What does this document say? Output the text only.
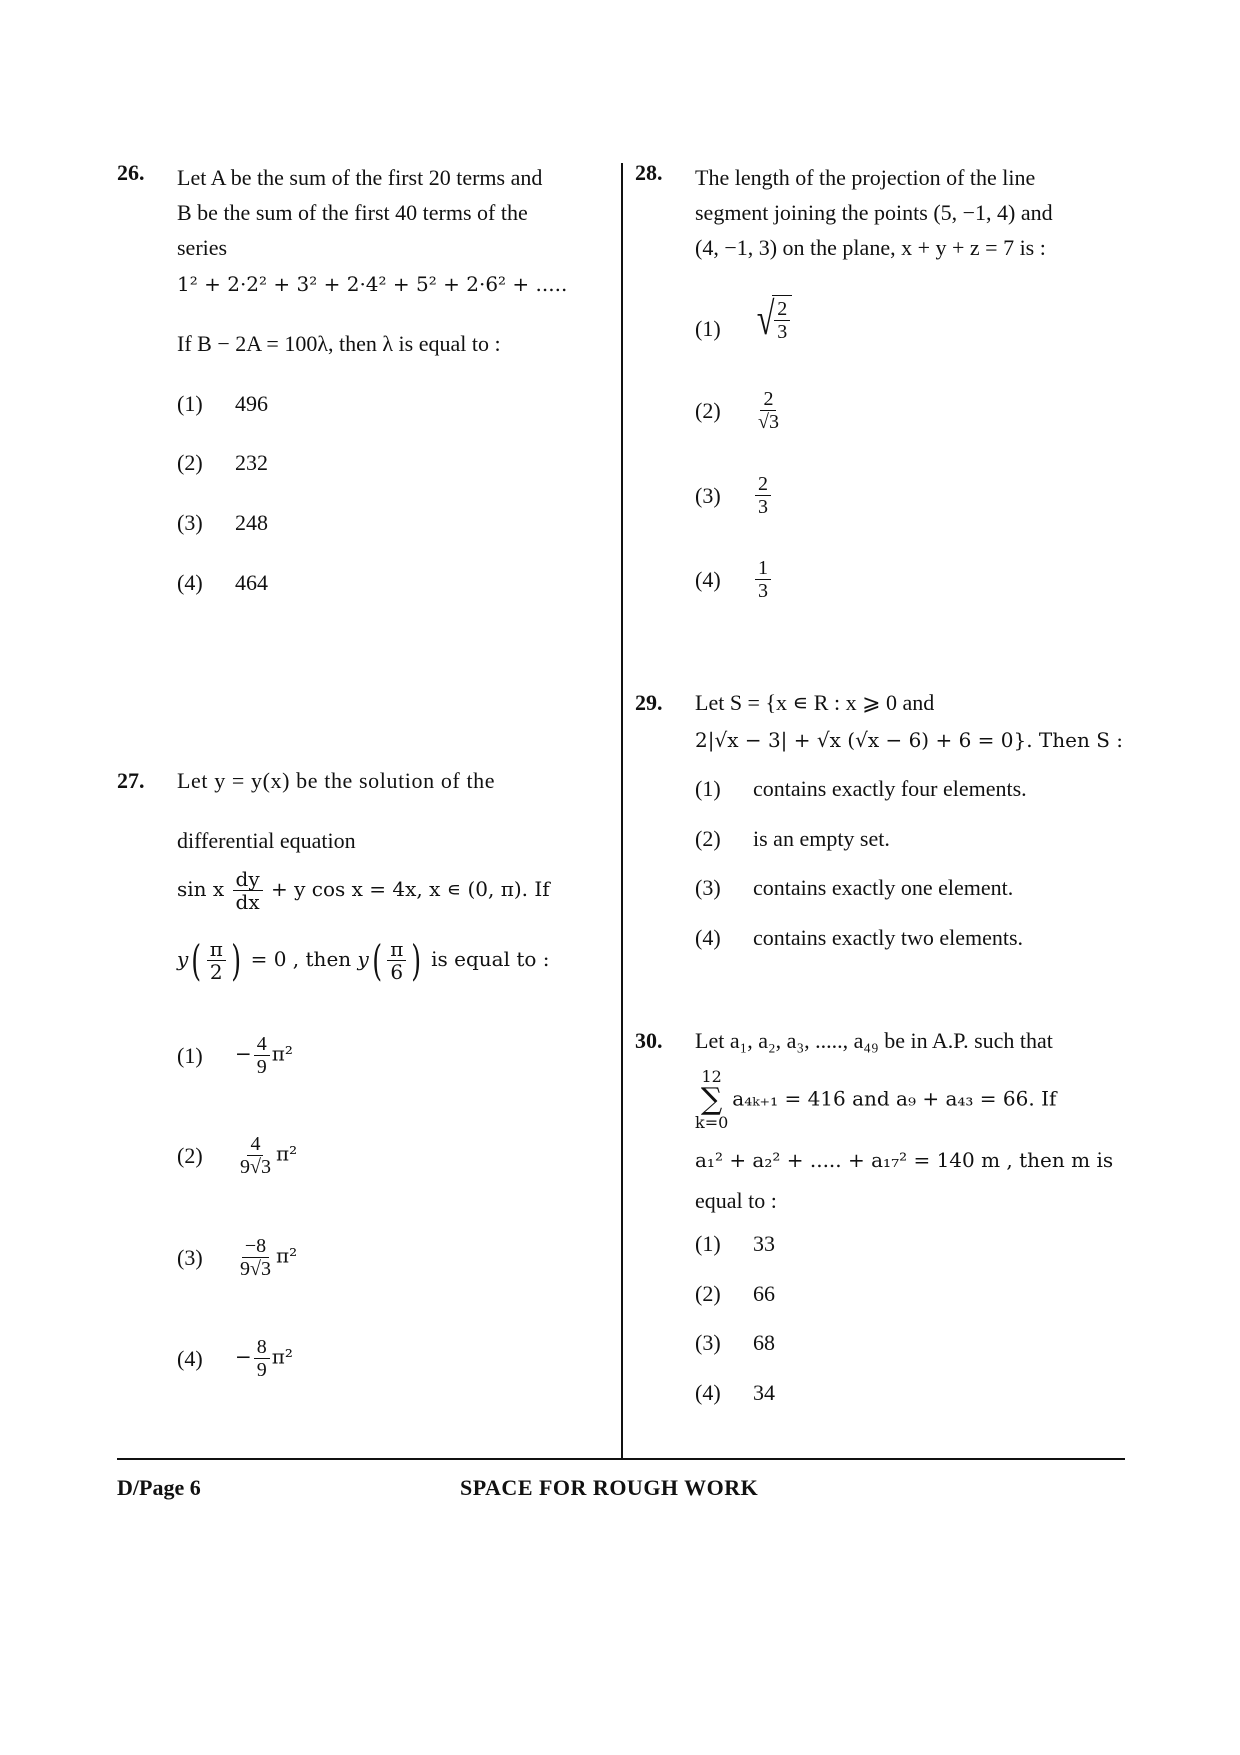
26. Let A be the sum of the first 20 terms and
B be the sum of the first 40 terms of the
series
1² + 2·2² + 3² + 2·4² + 5² + 2·6² + .....
If B − 2A = 100λ, then λ is equal to :
(1) 496
(2) 232
(3) 248
(4) 464
27. Let y = y(x) be the solution of the
differential equation
sin x $\frac{dy}{dx} + y$ cos x = 4x, x ∊ (0, π). If
$y( \frac{\pi}{2}$ ) = 0 , then $y( \frac{\pi}{6}$ ) is equal to :
$(1) - \frac{4}{9} \pi^2$
$(2) \frac{4}{9√3} \pi^2$
$(3) \frac{-8}{9√3} \pi^2$
$(4) - \frac{8}{9} \pi^2$
28. The length of the projection of the line
segment joining the points (5, −1, 4) and
(4, −1, 3) on the plane, x + y + z = 7 is :
(1) √ $\frac{2}{3}$
$(2) \frac{2}{√3}$
$(3) \frac{2}{3}$
$(4) \frac{1}{3}$
29. Let S = {x ∊ R : x ⩾ 0 and
2|√x − 3| + √x (√x − 6) + 6 = 0}. Then S :
(1) contains exactly four elements.
(2) is an empty set.
(3) contains exactly one element.
(4) contains exactly two elements.
30. Let a₁, a₂, a₃, ....., a₄₉ be in A.P. such that
12
∑
k=0
a₄ₖ₊₁ = 416 and a₉ + a₄₃ = 66. If
a₁² + a₂² + ..... + a₁₇² = 140 m , then m is
equal to :
(1) 33
(2) 66
(3) 68
(4) 34
D/Page 6	SPACE FOR ROUGH WORK
